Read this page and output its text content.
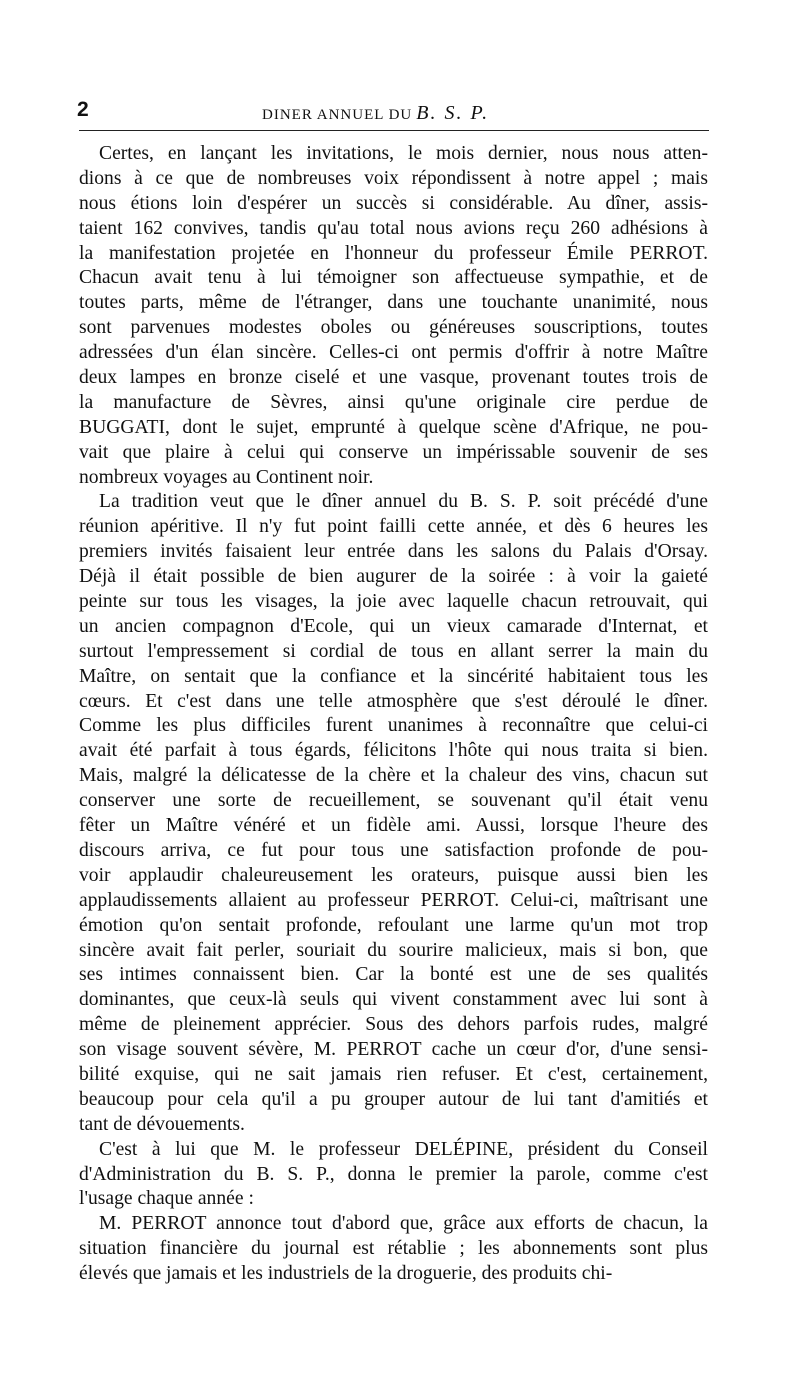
2	DINER ANNUEL DU B. S. P.
Certes, en lançant les invitations, le mois dernier, nous nous atten-
dions à ce que de nombreuses voix répondissent à notre appel ; mais
nous étions loin d'espérer un succès si considérable. Au dîner, assis-
taient 162 convives, tandis qu'au total nous avions reçu 260 adhésions à
la manifestation projetée en l'honneur du professeur Émile PERROT.
Chacun avait tenu à lui témoigner son affectueuse sympathie, et de
toutes parts, même de l'étranger, dans une touchante unanimité, nous
sont parvenues modestes oboles ou généreuses souscriptions, toutes
adressées d'un élan sincère. Celles-ci ont permis d'offrir à notre Maître
deux lampes en bronze ciselé et une vasque, provenant toutes trois de
la manufacture de Sèvres, ainsi qu'une originale cire perdue de
BUGGATI, dont le sujet, emprunté à quelque scène d'Afrique, ne pou-
vait que plaire à celui qui conserve un impérissable souvenir de ses
nombreux voyages au Continent noir.
La tradition veut que le dîner annuel du B. S. P. soit précédé d'une
réunion apéritive. Il n'y fut point failli cette année, et dès 6 heures les
premiers invités faisaient leur entrée dans les salons du Palais d'Orsay.
Déjà il était possible de bien augurer de la soirée : à voir la gaieté
peinte sur tous les visages, la joie avec laquelle chacun retrouvait, qui
un ancien compagnon d'Ecole, qui un vieux camarade d'Internat, et
surtout l'empressement si cordial de tous en allant serrer la main du
Maître, on sentait que la confiance et la sincérité habitaient tous les
cœurs. Et c'est dans une telle atmosphère que s'est déroulé le dîner.
Comme les plus difficiles furent unanimes à reconnaître que celui-ci
avait été parfait à tous égards, félicitons l'hôte qui nous traita si bien.
Mais, malgré la délicatesse de la chère et la chaleur des vins, chacun sut
conserver une sorte de recueillement, se souvenant qu'il était venu
fêter un Maître vénéré et un fidèle ami. Aussi, lorsque l'heure des
discours arriva, ce fut pour tous une satisfaction profonde de pou-
voir applaudir chaleureusement les orateurs, puisque aussi bien les
applaudissements allaient au professeur PERROT. Celui-ci, maîtrisant une
émotion qu'on sentait profonde, refoulant une larme qu'un mot trop
sincère avait fait perler, souriait du sourire malicieux, mais si bon, que
ses intimes connaissent bien. Car la bonté est une de ses qualités
dominantes, que ceux-là seuls qui vivent constamment avec lui sont à
même de pleinement apprécier. Sous des dehors parfois rudes, malgré
son visage souvent sévère, M. PERROT cache un cœur d'or, d'une sensi-
bilité exquise, qui ne sait jamais rien refuser. Et c'est, certainement,
beaucoup pour cela qu'il a pu grouper autour de lui tant d'amitiés et
tant de dévouements.
C'est à lui que M. le professeur DELÉPINE, président du Conseil
d'Administration du B. S. P., donna le premier la parole, comme c'est
l'usage chaque année :
M. PERROT annonce tout d'abord que, grâce aux efforts de chacun, la
situation financière du journal est rétablie ; les abonnements sont plus
élevés que jamais et les industriels de la droguerie, des produits chi-
